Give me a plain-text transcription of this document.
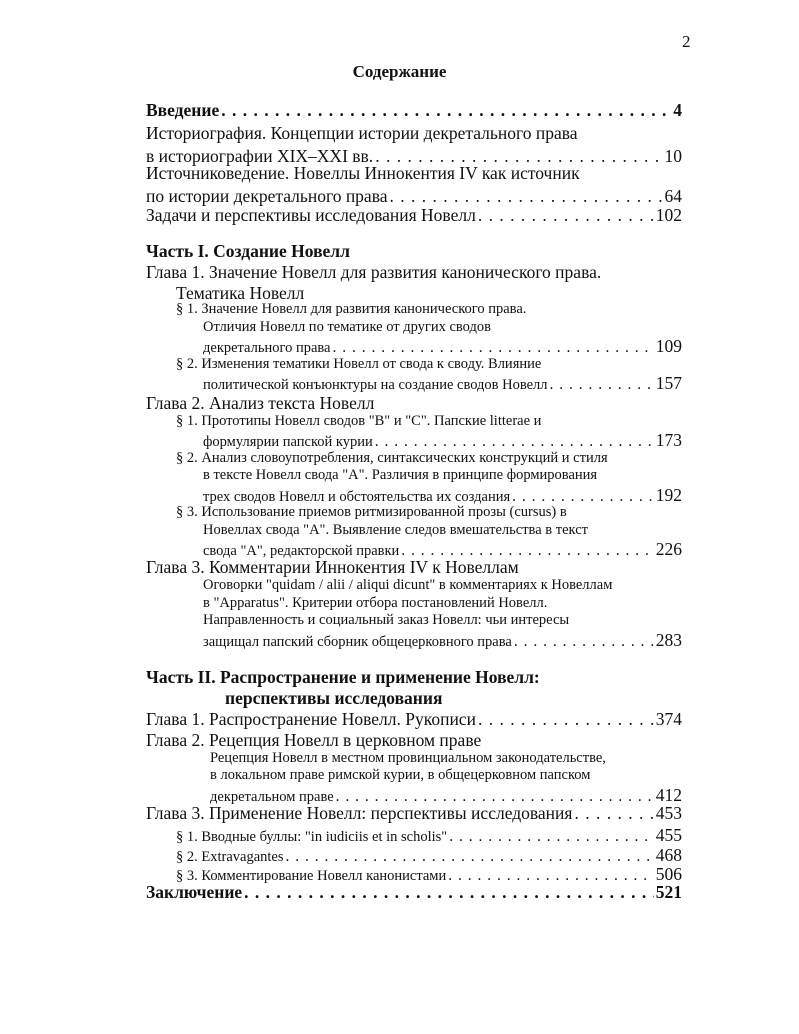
2
Содержание
Введение . . .	4
Историография. Концепции истории декретального права
в историографии XIX–XXI вв. . . .	10
Источниковедение. Новеллы Иннокентия IV как источник
по истории декретального права . . .	64
Задачи и перспективы исследования Новелл . . .	102
Часть I. Создание Новелл
Глава 1. Значение Новелл для развития канонического права.
Тематика Новелл
§ 1. Значение Новелл для развития канонического права.
Отличия Новелл по тематике от других сводов
декретального права . . .	109
§ 2. Изменения тематики Новелл от свода к своду. Влияние
политической конъюнктуры на создание сводов Новелл . . .	157
Глава 2. Анализ текста Новелл
§ 1. Прототипы Новелл сводов "B" и "C". Папские litterae и
формулярии папской курии . . .	173
§ 2. Анализ словоупотребления, синтаксических конструкций и стиля
в тексте Новелл свода "A". Различия в принципе формирования
трех сводов Новелл и обстоятельства их создания . . .	192
§ 3. Использование приемов ритмизированной прозы (cursus) в
Новеллах свода "A". Выявление следов вмешательства в текст
свода "A", редакторской правки . . .	226
Глава 3. Комментарии Иннокентия IV к Новеллам
Оговорки "quidam / alii / aliqui dicunt" в комментариях к Новеллам
в "Apparatus". Критерии отбора постановлений Новелл.
Направленность и социальный заказ Новелл: чьи интересы
защищал папский сборник общецерковного права . . .	283
Часть II. Распространение и применение Новелл:
перспективы исследования
Глава 1. Распространение Новелл. Рукописи . . .	374
Глава 2. Рецепция Новелл в церковном праве
Рецепция Новелл в местном провинциальном законодательстве,
в локальном праве римской курии, в общецерковном папском
декретальном праве . . .	412
Глава 3. Применение Новелл: перспективы исследования . . .	453
§ 1. Вводные буллы: "in iudiciis et in scholis" . . .	455
§ 2. Extravagantes . . .	468
§ 3. Комментирование Новелл канонистами . . .	506
Заключение . . .	521
